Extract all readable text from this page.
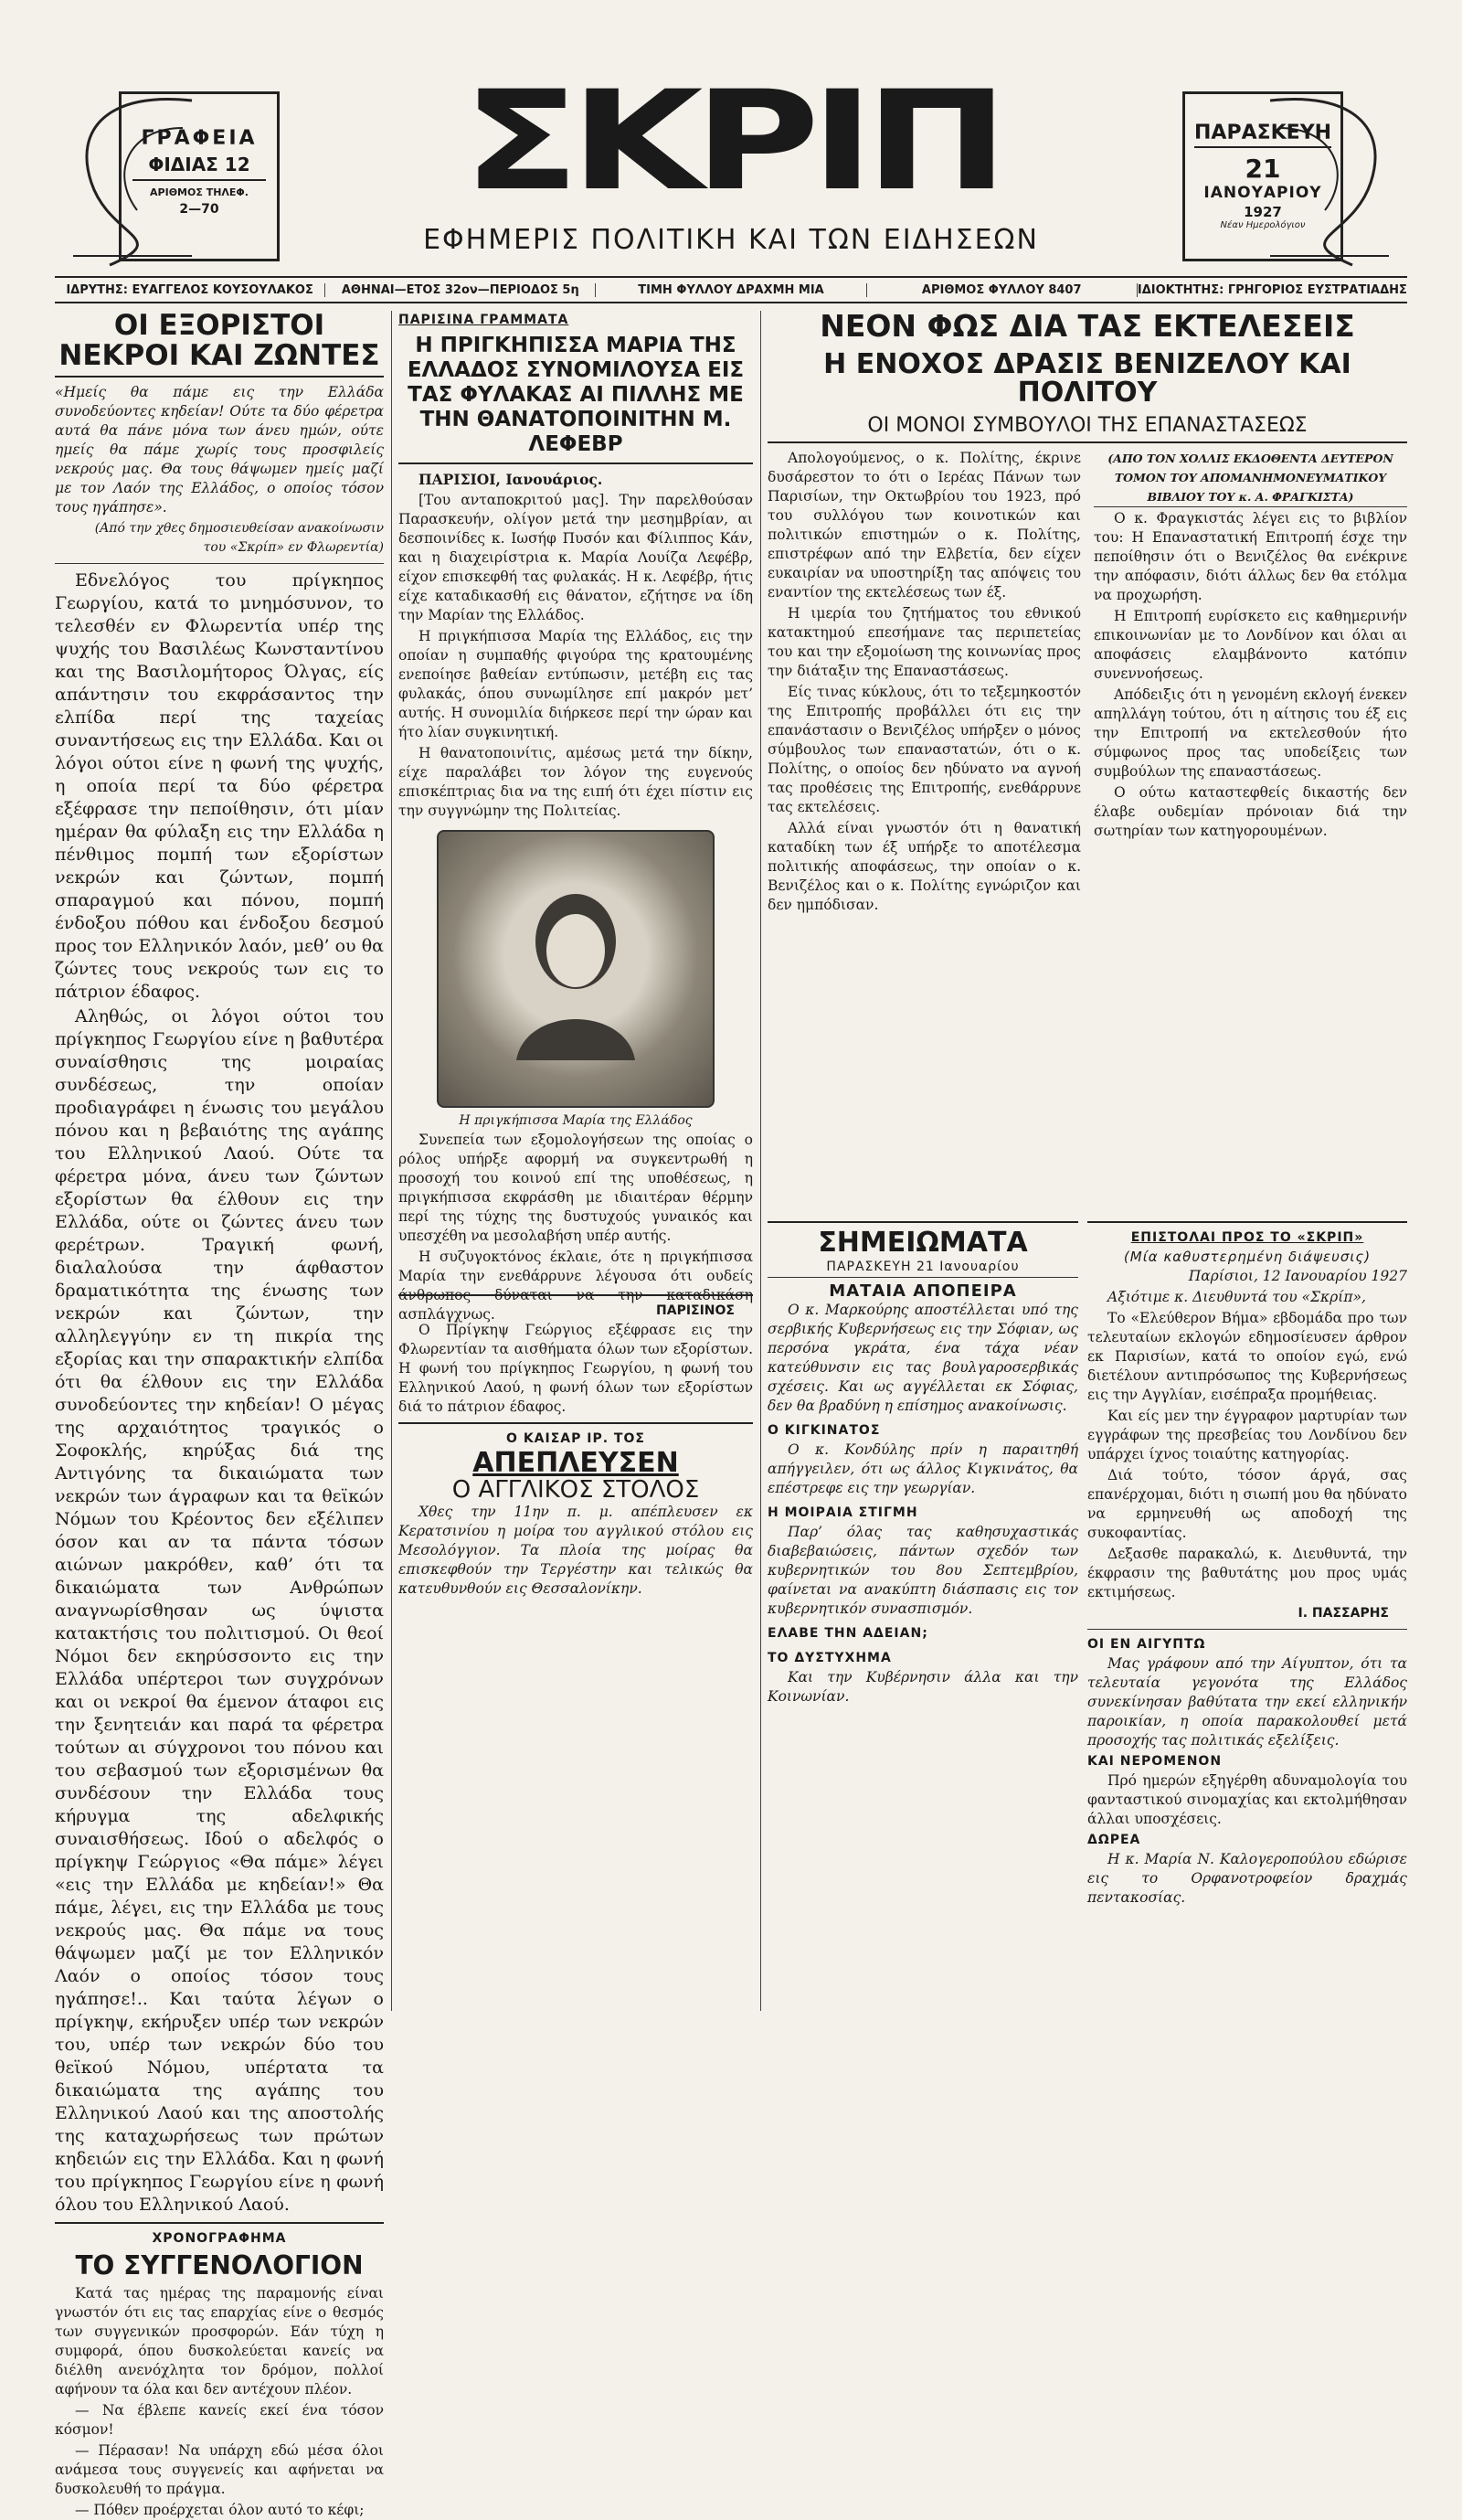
ΓΡΑΦΕΙΑ
ΦΙΔΙΑΣ 12
ΑΡΙΘΜΟΣ ΤΗΛΕΦ.
2—70	ΣΚΡΙΠ	ΠΑΡΑΣΚΕΥΗ
21
ΙΑΝΟΥΑΡΙΟΥ
1927
Νέαν Ημερολόγιον
ΕΦΗΜΕΡΙΣ ΠΟΛΙΤΙΚΗ ΚΑΙ ΤΩΝ ΕΙΔΗΣΕΩΝ
ΙΔΡΥΤΗΣ: ΕΥΑΓΓΕΛΟΣ ΚΟΥΣΟΥΛΑΚΟΣ	ΑΘΗΝΑΙ—ΕΤΟΣ 32ον—ΠΕΡΙΟΔΟΣ 5η	ΤΙΜΗ ΦΥΛΛΟΥ ΔΡΑΧΜΗ ΜΙΑ	ΑΡΙΘΜΟΣ ΦΥΛΛΟΥ 8407	ΙΔΙΟΚΤΗΤΗΣ: ΓΡΗΓΟΡΙΟΣ ΕΥΣΤΡΑΤΙΑΔΗΣ
ΟΙ ΕΞΟΡΙΣΤΟΙ ΝΕΚΡΟΙ ΚΑΙ ΖΩΝΤΕΣ

«Ημείς θα πάμε εις την Ελλάδα συνοδεύοντες κηδείαν! Ούτε τα δύο φέρετρα αυτά θα πάνε μόνα των άνευ ημών, ούτε ημείς θα πάμε χωρίς τους προσφιλείς νεκρούς μας. Θα τους θάψωμεν ημείς μαζί με τον Λαόν της Ελλάδος, ο οποίος τόσον τους ηγάπησε».

(Από την χθες δημοσιευθείσαν ανακοίνωσιν του «Σκρίπ» εν Φλωρεντία)

Εδνελόγος του πρίγκηπος Γεωργίου, κατά το μνημόσυνον, το τελεσθέν εν Φλωρεντία υπέρ της ψυχής του Βασιλέως Κωνσταντίνου και της Βασιλομήτορος Όλγας, είς απάντησιν του εκφράσαντος την ελπίδα περί της ταχείας συναντήσεως εις την Ελλάδα. Και οι λόγοι ούτοι είνε η φωνή της ψυχής, η οποία περί τα δύο φέρετρα εξέφρασε την πεποίθησιν, ότι μίαν ημέραν θα φύλαξη εις την Ελλάδα η πένθιμος πομπή των εξορίστων νεκρών και ζώντων, πομπή σπαραγμού και πόνου, πομπή ένδοξου πόθου και ένδοξου δεσμού προς τον Ελληνικόν λαόν, μεθ’ ου θα ζώντες τους νεκρούς των εις το πάτριον έδαφος.

Αληθώς, οι λόγοι ούτοι του πρίγκηπος Γεωργίου είνε η βαθυτέρα συναίσθησις της μοιραίας συνδέσεως, την οποίαν προδιαγράφει η ένωσις του μεγάλου πόνου και η βεβαιότης της αγάπης του Ελληνικού Λαού. Ούτε τα φέρετρα μόνα, άνευ των ζώντων εξορίστων θα έλθουν εις την Ελλάδα, ούτε οι ζώντες άνευ των φερέτρων. Τραγική φωνή, διαλαλούσα την άφθαστον δραματικότητα της ένωσης των νεκρών και ζώντων, την αλληλεγγύην εν τη πικρία της εξορίας και την σπαρακτικήν ελπίδα ότι θα έλθουν εις την Ελλάδα συνοδεύοντες την κηδείαν! Ο μέγας της αρχαιότητος τραγικός ο Σοφοκλής, κηρύξας διά της Αντιγόνης τα δικαιώματα των νεκρών των άγραφων και τα θεϊκών Νόμων του Κρέοντος δεν εξέλιπεν όσον και αν τα πάντα τόσων αιώνων μακρόθεν, καθ’ ότι τα δικαιώματα των Ανθρώπων αναγνωρίσθησαν ως ύψιστα κατακτήσις του πολιτισμού. Οι θεοί Νόμοι δεν εκηρύσσοντο εις την Ελλάδα υπέρτεροι των συγχρόνων και οι νεκροί θα έμενον άταφοι εις την ξενητειάν και παρά τα φέρετρα τούτων αι σύγχρονοι του πόνου και του σεβασμού των εξορισμένων θα συνδέσουν την Ελλάδα τους κήρυγμα της αδελφικής συναισθήσεως. Ιδού ο αδελφός ο πρίγκηψ Γεώργιος «Θα πάμε» λέγει «εις την Ελλάδα με κηδείαν!» Θα πάμε, λέγει, εις την Ελλάδα με τους νεκρούς μας. Θα πάμε να τους θάψωμεν μαζί με τον Ελληνικόν Λαόν ο οποίος τόσον τους ηγάπησε!.. Και ταύτα λέγων ο πρίγκηψ, εκήρυξεν υπέρ των νεκρών του, υπέρ των νεκρών δύο του θεϊκού Νόμου, υπέρτατα τα δικαιώματα της αγάπης του Ελληνικού Λαού και της αποστολής της καταχωρήσεως των πρώτων κηδειών εις την Ελλάδα. Και η φωνή του πρίγκηπος Γεωργίου είνε η φωνή όλου του Ελληνικού Λαού.

ΧΡΟΝΟΓΡΑΦΗΜΑ
ΤΟ ΣΥΓΓΕΝΟΛΟΓΙΟΝ

Κατά τας ημέρας της παραμονής είναι γνωστόν ότι εις τας επαρχίας είνε ο θεσμός των συγγενικών προσφορών. Εάν τύχη η συμφορά, όπου δυσκολεύεται κανείς να διέλθη ανενόχλητα τον δρόμον, πολλοί αφήνουν τα όλα και δεν αντέχουν πλέον.

— Να έβλεπε κανείς εκεί ένα τόσον κόσμον!

— Πέρασαν! Να υπάρχη εδώ μέσα όλοι ανάμεσα τους συγγενείς και αφήνεται να δυσκολευθή το πράγμα.

— Πόθεν προέρχεται όλον αυτό το κέφι;

ΠΑΡΙΣΙΝΑ ΓΡΑΜΜΑΤΑ
Η ΠΡΙΓΚΗΠΙΣΣΑ ΜΑΡΙΑ ΤΗΣ ΕΛΛΑΔΟΣ ΣΥΝΟΜΙΛΟΥΣΑ ΕΙΣ ΤΑΣ ΦΥΛΑΚΑΣ ΑΙ ΠΙΛΛΗΣ ΜΕ ΤΗΝ ΘΑΝΑΤΟΠΟΙΝΙΤΗΝ Μ. ΛΕΦΕΒΡ

ΠΑΡΙΣΙΟΙ, Ιανουάριος.

[Του ανταποκριτού μας]. Την παρελθούσαν Παρασκευήν, ολίγον μετά την μεσημβρίαν, αι δεσποινίδες κ. Ιωσήφ Πυσόν και Φίλιππος Κάν, και η διαχειρίστρια κ. Μαρία Λουίζα Λεφέβρ, είχον επισκεφθή τας φυλακάς. Η κ. Λεφέβρ, ήτις είχε καταδικασθή εις θάνατον, εζήτησε να ίδη την Μαρίαν της Ελλάδος.

Η πριγκήπισσα Μαρία της Ελλάδος, εις την οποίαν η συμπαθής φιγούρα της κρατουμένης ενεποίησε βαθείαν εντύπωσιν, μετέβη εις τας φυλακάς, όπου συνωμίλησε επί μακρόν μετ’ αυτής. Η συνομιλία διήρκεσε περί την ώραν και ήτο λίαν συγκινητική.

Η θανατοποινίτις, αμέσως μετά την δίκην, είχε παραλάβει τον λόγον της ευγενούς επισκέπτριας δια να της ειπή ότι έχει πίστιν εις την συγγνώμην της Πολιτείας.

Η πριγκήπισσα Μαρία της Ελλάδος

Συνεπεία των εξομολογήσεων της οποίας ο ρόλος υπήρξε αφορμή να συγκεντρωθή η προσοχή του κοινού επί της υποθέσεως, η πριγκήπισσα εκφράσθη με ιδιαιτέραν θέρμην περί της τύχης της δυστυχούς γυναικός και υπεσχέθη να μεσολαβήση υπέρ αυτής.

Η συζυγοκτόνος έκλαιε, ότε η πριγκήπισσα Μαρία την ενεθάρρυνε λέγουσα ότι ουδείς άνθρωπος δύναται να την καταδικάση ασπλάγχνως.	ΠΑΡΙΣΙΝΟΣ

Ο Πρίγκηψ Γεώργιος εξέφρασε εις την Φλωρεντίαν τα αισθήματα όλων των εξορίστων. Η φωνή του πρίγκηπος Γεωργίου, η φωνή του Ελληνικού Λαού, η φωνή όλων των εξορίστων διά το πάτριον έδαφος.

Ο ΚΑΙΣΑΡ ΙΡ. ΤΟΣ
ΑΠΕΠΛΕΥΣΕΝ
Ο ΑΓΓΛΙΚΟΣ ΣΤΟΛΟΣ

Χθες την 11ην π. μ. απέπλευσεν εκ Κερατσινίου η μοίρα του αγγλικού στόλου εις Μεσολόγγιον. Τα πλοία της μοίρας θα επισκεφθούν την Τεργέστην και τελικώς θα κατευθυνθούν εις Θεσσαλονίκην.

ΝΕΟΝ ΦΩΣ ΔΙΑ ΤΑΣ ΕΚΤΕΛΕΣΕΙΣ
Η ΕΝΟΧΟΣ ΔΡΑΣΙΣ ΒΕΝΙΖΕΛΟΥ ΚΑΙ ΠΟΛΙΤΟΥ
ΟΙ ΜΟΝΟΙ ΣΥΜΒΟΥΛΟΙ ΤΗΣ ΕΠΑΝΑΣΤΑΣΕΩΣ

Απολογούμενος, ο κ. Πολίτης, έκρινε δυσάρεστον το ότι ο Ιερέας Πάνων των Παρισίων, την Οκτωβρίου του 1923, πρό του συλλόγου των κοινοτικών και πολιτικών επιστημών ο κ. Πολίτης, επιστρέφων από την Ελβετία, δεν είχεν ευκαιρίαν να υποστηρίξη τας απόψεις του εναντίον της εκτελέσεως των έξ.

Η ιμερία του ζητήματος του εθνικού κατακτημού επεσήμανε τας περιπετείας του και την εξομοίωση της κοινωνίας προς την διάταξιν της Επαναστάσεως.

Είς τινας κύκλους, ότι το τεξεμηκοστόν της Επιτροπής προβάλλει ότι εις την επανάστασιν ο Βενιζέλος υπήρξεν ο μόνος σύμβουλος των επαναστατών, ότι ο κ. Πολίτης, ο οποίος δεν ηδύνατο να αγνοή τας προθέσεις της Επιτροπής, ενεθάρρυνε τας εκτελέσεις.

Αλλά είναι γνωστόν ότι η θανατική καταδίκη των έξ υπήρξε το αποτέλεσμα πολιτικής αποφάσεως, την οποίαν ο κ. Βενιζέλος και ο κ. Πολίτης εγνώριζον και δεν ημπόδισαν.

(ΑΠΟ ΤΟΝ ΧΟΛΛΙΣ ΕΚΔΟΘΕΝΤΑ ΔΕΥΤΕΡΟΝ ΤΟΜΟΝ ΤΟΥ ΑΠΟΜΑΝΗΜΟΝΕΥΜΑΤΙΚΟΥ ΒΙΒΛΙΟΥ ΤΟΥ κ. Α. ΦΡΑΓΚΙΣΤΑ)

Ο κ. Φραγκιστάς λέγει εις το βιβλίον του: Η Επαναστατική Επιτροπή έσχε την πεποίθησιν ότι ο Βενιζέλος θα ενέκρινε την απόφασιν, διότι άλλως δεν θα ετόλμα να προχωρήση.

Η Επιτροπή ευρίσκετο εις καθημερινήν επικοινωνίαν με το Λονδίνον και όλαι αι αποφάσεις ελαμβάνοντο κατόπιν συνεννοήσεως.

Απόδειξις ότι η γενομένη εκλογή ένεκεν απηλλάγη τούτου, ότι η αίτησις του έξ εις την Επιτροπή να εκτελεσθούν ήτο σύμφωνος προς τας υποδείξεις των συμβούλων της επαναστάσεως.

Ο ούτω καταστεφθείς δικαστής δεν έλαβε ουδεμίαν πρόνοιαν διά την σωτηρίαν των κατηγορουμένων.

ΣΗΜΕΙΩΜΑΤΑ
ΠΑΡΑΣΚΕΥΗ 21 Ιανουαρίου
ΜΑΤΑΙΑ ΑΠΟΠΕΙΡΑ

Ο κ. Μαρκούρης αποστέλλεται υπό της σερβικής Κυβερνήσεως εις την Σόφιαν, ως περσόνα γκράτα, ένα τάχα νέαν κατεύθυνσιν εις τας βουλγαροσερβικάς σχέσεις. Και ως αγγέλλεται εκ Σόφιας, δεν θα βραδύνη η επίσημος ανακοίνωσις.

Ο ΚΙΓΚΙΝΑΤΟΣ

Ο κ. Κονδύλης πρίν η παραιτηθή απήγγειλεν, ότι ως άλλος Κιγκινάτος, θα επέστρεφε εις την γεωργίαν.

Η ΜΟΙΡΑΙΑ ΣΤΙΓΜΗ

Παρ’ όλας τας καθησυχαστικάς διαβεβαιώσεις, πάντων σχεδόν των κυβερνητικών του 8ου Σεπτεμβρίου, φαίνεται να ανακύπτη διάσπασις εις τον κυβερνητικόν συνασπισμόν.

ΕΛΑΒΕ ΤΗΝ ΑΔΕΙΑΝ;
ΤΟ ΔΥΣΤΥΧΗΜΑ

Και την Κυβέρνησιν άλλα και την Κοινωνίαν.

ΕΠΙΣΤΟΛΑΙ ΠΡΟΣ ΤΟ «ΣΚΡΙΠ»
(Μία καθυστερημένη διάψευσις)

Παρίσιοι, 12 Ιανουαρίου 1927

Αξιότιμε κ. Διευθυντά του «Σκρίπ»,

Το «Ελεύθερον Βήμα» εβδομάδα προ των τελευταίων εκλογών εδημοσίευσεν άρθρον εκ Παρισίων, κατά το οποίον εγώ, ενώ διετέλουν αντιπρόσωπος της Κυβερνήσεως εις την Αγγλίαν, εισέπραξα προμήθειας.

Και είς μεν την έγγραφον μαρτυρίαν των εγγράφων της πρεσβείας του Λονδίνου δεν υπάρχει ίχνος τοιαύτης κατηγορίας.

Διά τούτο, τόσον άργά, σας επανέρχομαι, διότι η σιωπή μου θα ηδύνατο να ερμηνευθή ως αποδοχή της συκοφαντίας.

Δεξασθε παρακαλώ, κ. Διευθυντά, την έκφρασιν της βαθυτάτης μου προς υμάς εκτιμήσεως.

Ι. ΠΑΣΣΑΡΗΣ
ΟΙ ΕΝ ΑΙΓΥΠΤΩ

Μας γράφουν από την Αίγυπτον, ότι τα τελευταία γεγονότα της Ελλάδος συνεκίνησαν βαθύτατα την εκεί ελληνικήν παροικίαν, η οποία παρακολουθεί μετά προσοχής τας πολιτικάς εξελίξεις.

ΚΑΙ ΝΕΡΟΜΕΝΟΝ

Πρό ημερών εξηγέρθη αδυναμολογία του φανταστικού σινομαχίας και εκτολμήθησαν άλλαι υποσχέσεις.

ΔΩΡΕΑ

Η κ. Μαρία Ν. Καλογεροπούλου εδώρισε εις το Ορφανοτροφείον δραχμάς πεντακοσίας.
